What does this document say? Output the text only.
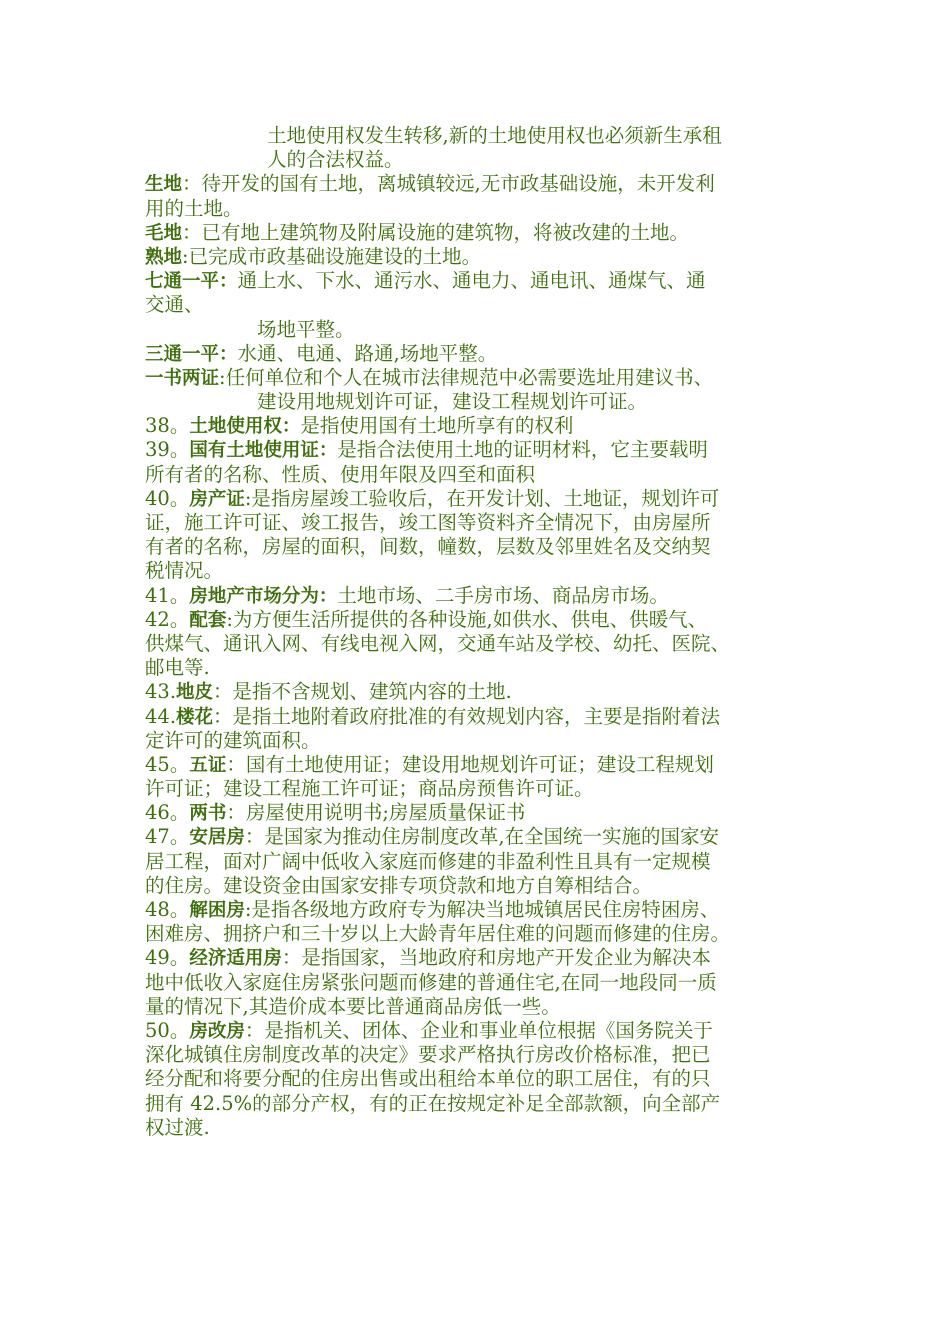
土地使用权发生转移,新的土地使用权也必须新生承租
人的合法权益。
生地：待开发的国有土地，离城镇较远,无市政基础设施，未开发利
用的土地。
毛地：已有地上建筑物及附属设施的建筑物，将被改建的土地。
熟地:已完成市政基础设施建设的土地。
七通一平：通上水、下水、通污水、通电力、通电讯、通煤气、通
交通、
场地平整。
三通一平：水通、电通、路通,场地平整。
一书两证:任何单位和个人在城市法律规范中必需要选址用建议书、
建设用地规划许可证，建设工程规划许可证。
38。土地使用权：是指使用国有土地所享有的权利
39。国有土地使用证：是指合法使用土地的证明材料，它主要载明
所有者的名称、性质、使用年限及四至和面积
40。房产证:是指房屋竣工验收后，在开发计划、土地证，规划许可
证，施工许可证、竣工报告，竣工图等资料齐全情况下，由房屋所
有者的名称，房屋的面积，间数，幢数，层数及邻里姓名及交纳契
税情况。
41。房地产市场分为：土地市场、二手房市场、商品房市场。
42。配套:为方便生活所提供的各种设施,如供水、供电、供暖气、
供煤气、通讯入网、有线电视入网，交通车站及学校、幼托、医院、
邮电等.
43.地皮：是指不含规划、建筑内容的土地.
44.楼花：是指土地附着政府批准的有效规划内容，主要是指附着法
定许可的建筑面积。
45。五证：国有土地使用证；建设用地规划许可证；建设工程规划
许可证；建设工程施工许可证；商品房预售许可证。
46。两书：房屋使用说明书;房屋质量保证书
47。安居房：是国家为推动住房制度改革,在全国统一实施的国家安
居工程，面对广阔中低收入家庭而修建的非盈利性且具有一定规模
的住房。建设资金由国家安排专项贷款和地方自筹相结合。
48。解困房:是指各级地方政府专为解决当地城镇居民住房特困房、
困难房、拥挤户和三十岁以上大龄青年居住难的问题而修建的住房。
49。经济适用房：是指国家，当地政府和房地产开发企业为解决本
地中低收入家庭住房紧张问题而修建的普通住宅,在同一地段同一质
量的情况下,其造价成本要比普通商品房低一些。
50。房改房：是指机关、团体、企业和事业单位根据《国务院关于
深化城镇住房制度改革的决定》要求严格执行房改价格标准，把已
经分配和将要分配的住房出售或出租给本单位的职工居住，有的只
拥有 42.5%的部分产权，有的正在按规定补足全部款额，向全部产
权过渡.
